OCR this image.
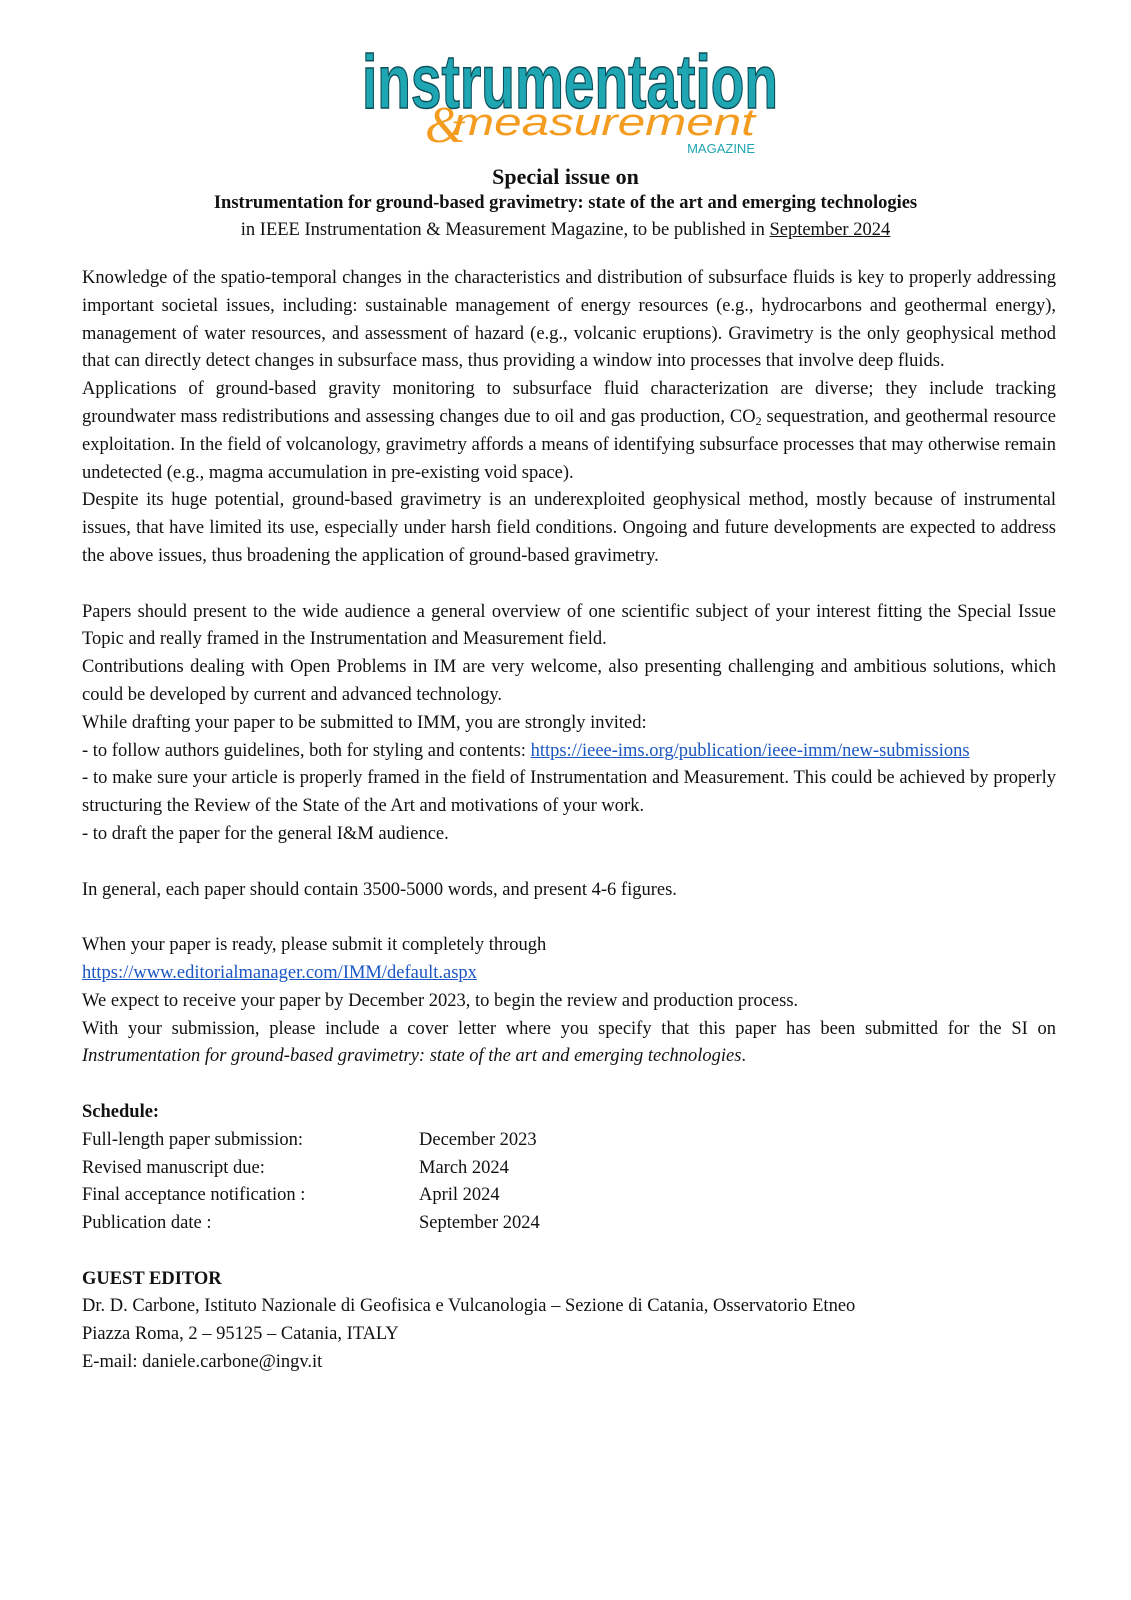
instrumentation
&
measurement
MAGAZINE
Special issue on
Instrumentation for ground-based gravimetry: state of the art and emerging technologies
in IEEE Instrumentation & Measurement Magazine, to be published in September 2024

Knowledge of the spatio-temporal changes in the characteristics and distribution of subsurface fluids is key to properly addressing important societal issues, including: sustainable management of energy resources (e.g., hydrocarbons and geothermal energy), management of water resources, and assessment of hazard (e.g., volcanic eruptions). Gravimetry is the only geophysical method that can directly detect changes in subsurface mass, thus providing a window into processes that involve deep fluids.

Applications of ground-based gravity monitoring to subsurface fluid characterization are diverse; they include tracking groundwater mass redistributions and assessing changes due to oil and gas production, $CO_2$ sequestration, and geothermal resource exploitation. In the field of volcanology, gravimetry affords a means of identifying subsurface processes that may otherwise remain undetected (e.g., magma accumulation in pre-existing void space).

Despite its huge potential, ground-based gravimetry is an underexploited geophysical method, mostly because of instrumental issues, that have limited its use, especially under harsh field conditions. Ongoing and future developments are expected to address the above issues, thus broadening the application of ground-based gravimetry.

Papers should present to the wide audience a general overview of one scientific subject of your interest fitting the Special Issue Topic and really framed in the Instrumentation and Measurement field.

Contributions dealing with Open Problems in IM are very welcome, also presenting challenging and ambitious solutions, which could be developed by current and advanced technology.

While drafting your paper to be submitted to IMM, you are strongly invited:

- to follow authors guidelines, both for styling and contents: https://ieee-ims.org/publication/ieee-imm/new-submissions

- to make sure your article is properly framed in the field of Instrumentation and Measurement. This could be achieved by properly structuring the Review of the State of the Art and motivations of your work.

- to draft the paper for the general I&M audience.

In general, each paper should contain 3500-5000 words, and present 4-6 figures.

When your paper is ready, please submit it completely through

https://www.editorialmanager.com/IMM/default.aspx

We expect to receive your paper by December 2023, to begin the review and production process.

With your submission, please include a cover letter where you specify that this paper has been submitted for the SI on Instrumentation for ground-based gravimetry: state of the art and emerging technologies.

Schedule:
Full-length paper submission:	December 2023
Revised manuscript due:	March 2024
Final acceptance notification :	April 2024
Publication date :	September 2024
GUEST EDITOR
Dr. D. Carbone, Istituto Nazionale di Geofisica e Vulcanologia – Sezione di Catania, Osservatorio Etneo
Piazza Roma, 2 – 95125 – Catania, ITALY
E-mail: daniele.carbone@ingv.it
